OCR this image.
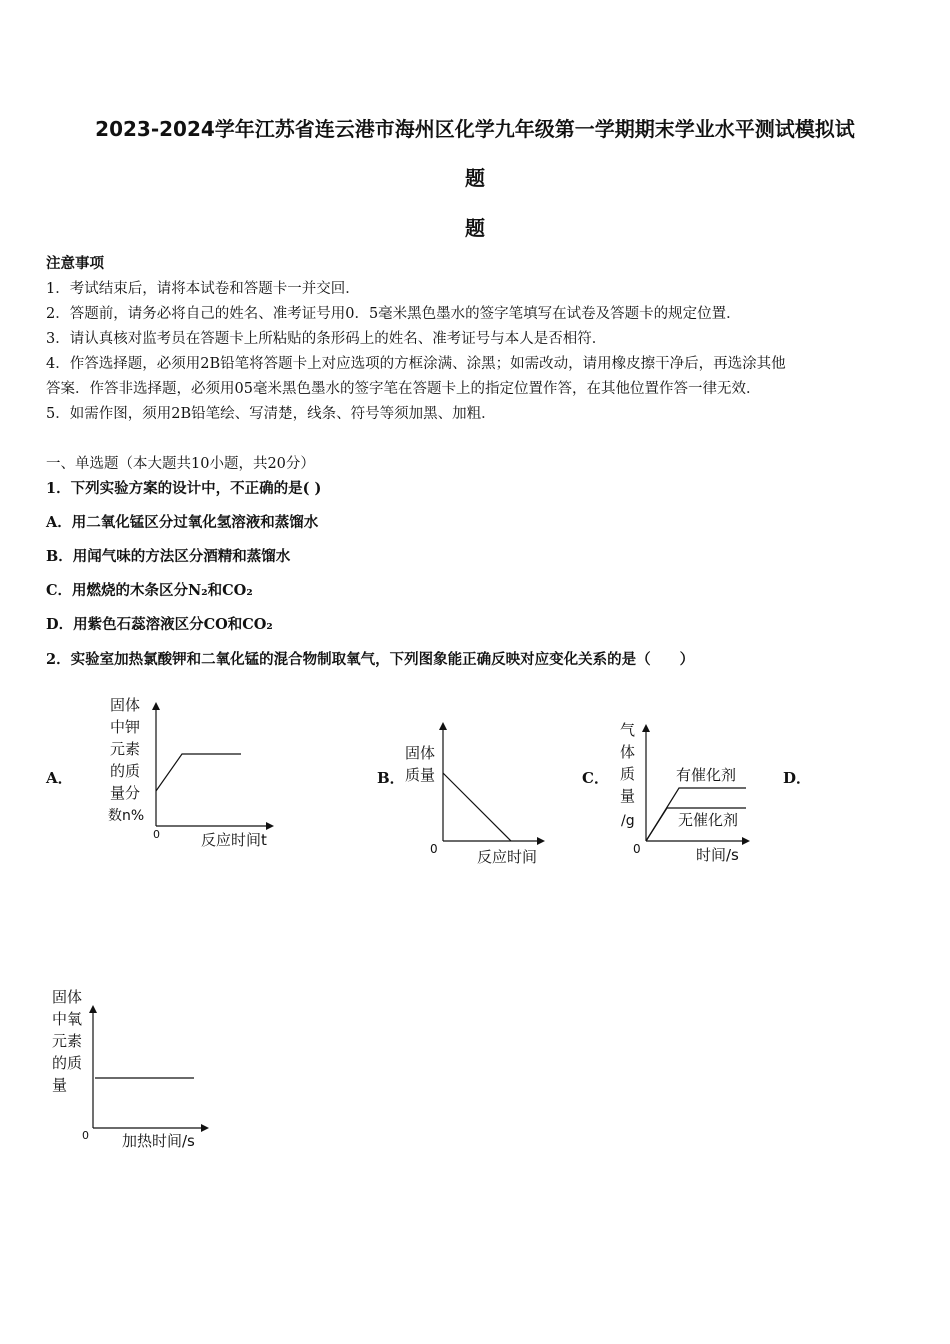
2023-2024学年江苏省连云港市海州区化学九年级第一学期期末学业水平测试模拟试
题
题
注意事项
1．考试结束后，请将本试卷和答题卡一并交回．
2．答题前，请务必将自己的姓名、准考证号用0．5毫米黑色墨水的签字笔填写在试卷及答题卡的规定位置．
3．请认真核对监考员在答题卡上所粘贴的条形码上的姓名、准考证号与本人是否相符．
4．作答选择题，必须用2B铅笔将答题卡上对应选项的方框涂满、涂黑；如需改动，请用橡皮擦干净后，再选涂其他
答案．作答非选择题，必须用05毫米黑色墨水的签字笔在答题卡上的指定位置作答，在其他位置作答一律无效．
5．如需作图，须用2B铅笔绘、写清楚，线条、符号等须加黑、加粗．
一、单选题（本大题共10小题，共20分）
1．下列实验方案的设计中，不正确的是( )
A．用二氧化锰区分过氧化氢溶液和蒸馏水
B．用闻气味的方法区分酒精和蒸馏水
C．用燃烧的木条区分N₂和CO₂
D．用紫色石蕊溶液区分CO和CO₂
2．实验室加热氯酸钾和二氧化锰的混合物制取氧气，下列图象能正确反映对应变化关系的是（　　）
A．	B．	C．	D．
固体
中钾
元素
的质
量分
数n%
0	反应时间t
固体
质量
0	反应时间
气
体
质
量
/g
0	时间/s
有催化剂
无催化剂
固体
中氧
元素
的质
量
0 加热时间/s
